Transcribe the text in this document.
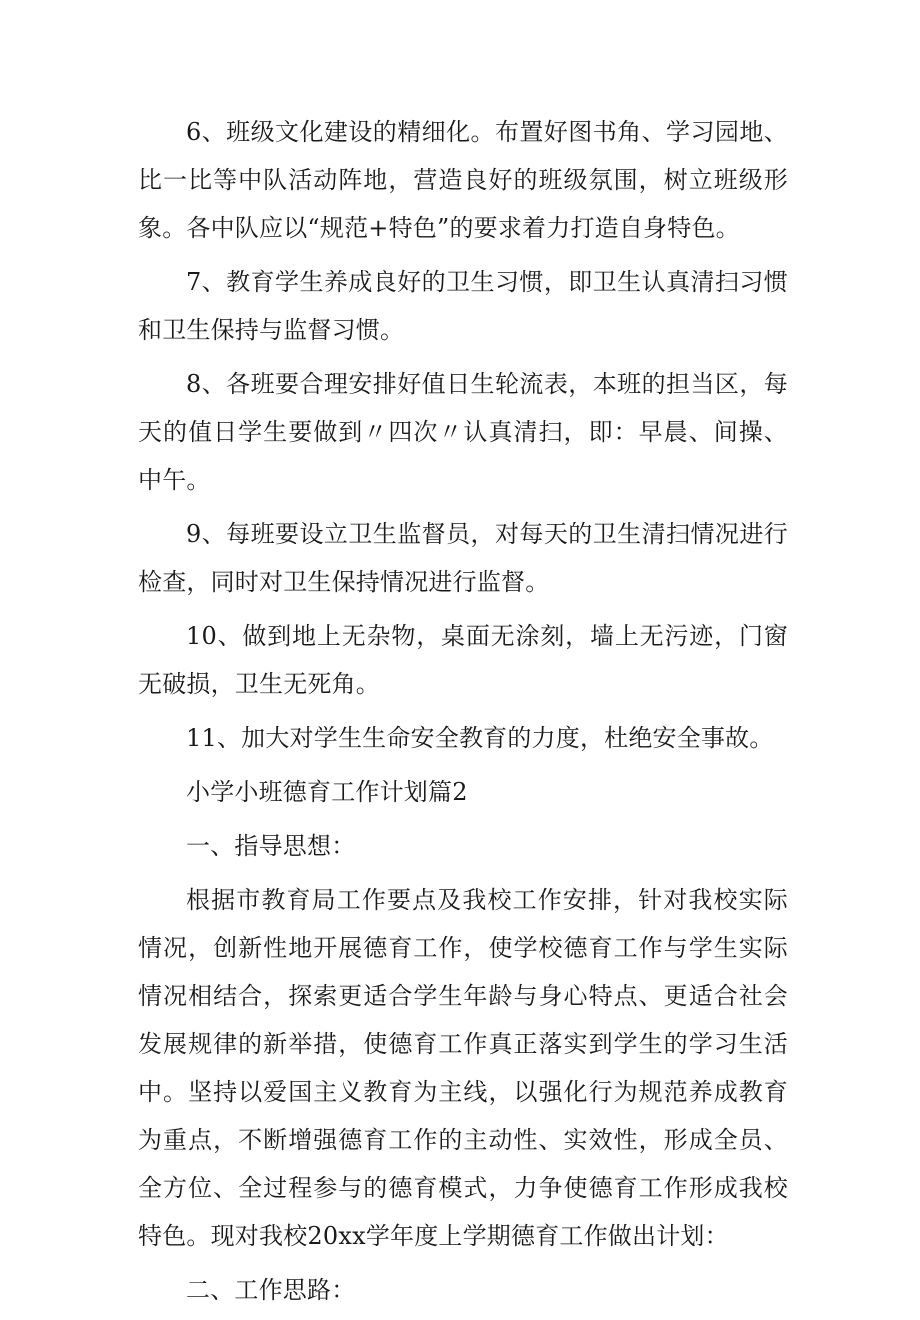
6、班级文化建设的精细化。布置好图书角、学习园地、比一比等中队活动阵地，营造良好的班级氛围，树立班级形象。各中队应以“规范+特色”的要求着力打造自身特色。

7、教育学生养成良好的卫生习惯，即卫生认真清扫习惯和卫生保持与监督习惯。

8、各班要合理安排好值日生轮流表，本班的担当区，每天的值日学生要做到〃四次〃认真清扫，即：早晨、间操、中午。

9、每班要设立卫生监督员，对每天的卫生清扫情况进行检查，同时对卫生保持情况进行监督。

10、做到地上无杂物，桌面无涂刻，墙上无污迹，门窗无破损，卫生无死角。

11、加大对学生生命安全教育的力度，杜绝安全事故。

小学小班德育工作计划篇2

一、指导思想：

根据市教育局工作要点及我校工作安排，针对我校实际情况，创新性地开展德育工作，使学校德育工作与学生实际情况相结合，探索更适合学生年龄与身心特点、更适合社会发展规律的新举措，使德育工作真正落实到学生的学习生活中。坚持以爱国主义教育为主线，以强化行为规范养成教育为重点，不断增强德育工作的主动性、实效性，形成全员、全方位、全过程参与的德育模式，力争使德育工作形成我校特色。现对我校20xx学年度上学期德育工作做出计划：

二、工作思路：
